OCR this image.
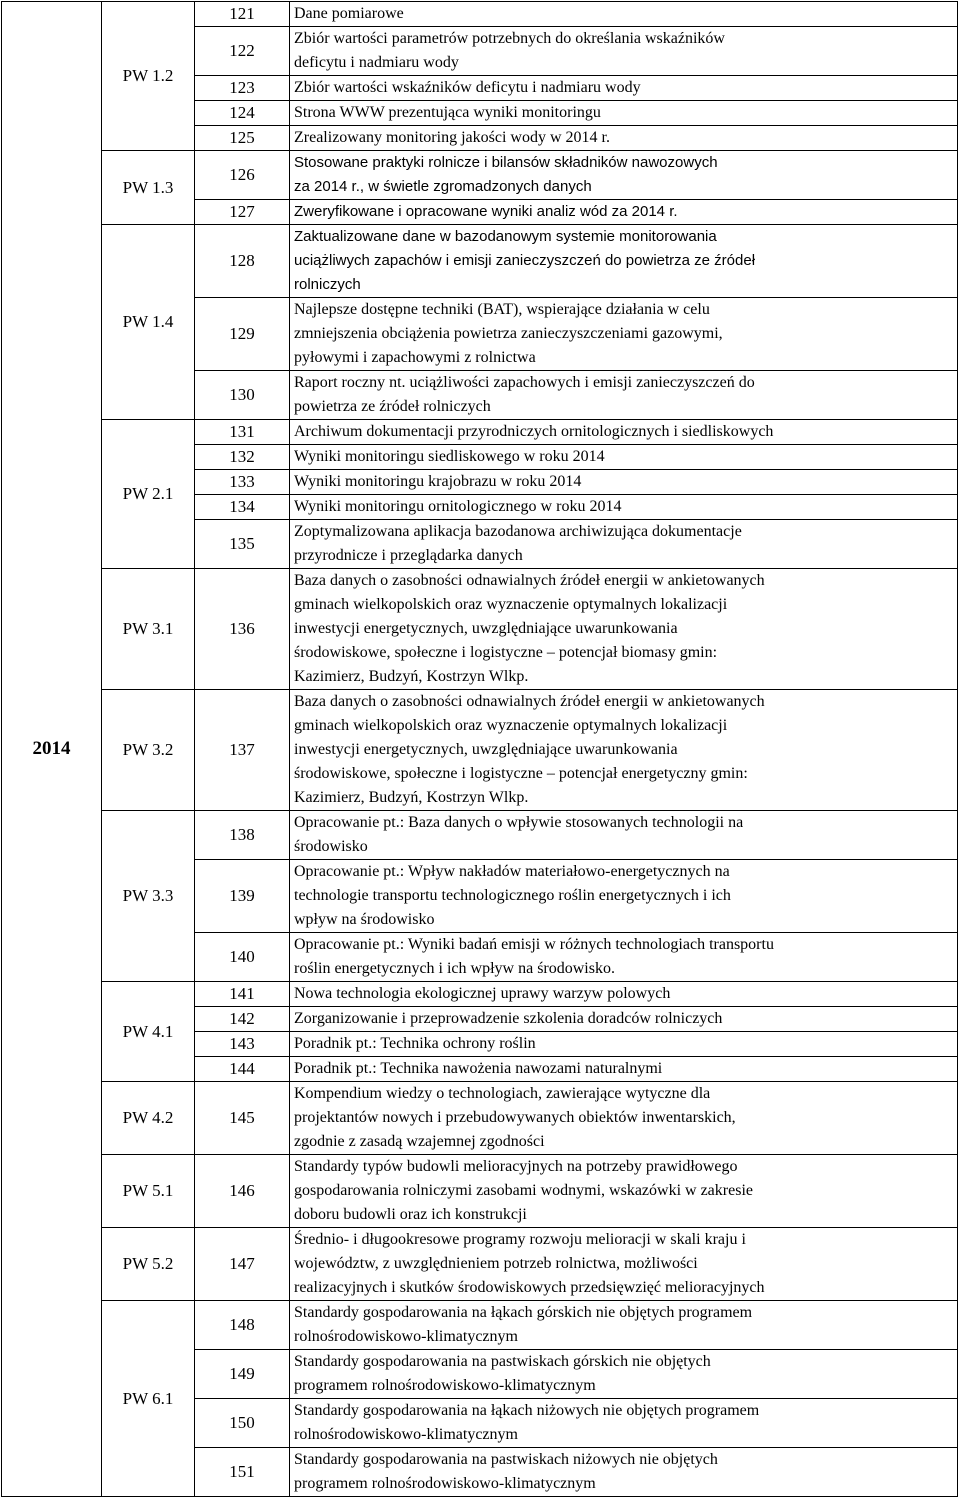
2014	PW 1.2	121	Dane pomiarowe

		122	Zbiór wartości parametrów potrzebnych do określania wskaźników
deficytu i nadmiaru wody

		123	Zbiór wartości wskaźników deficytu i nadmiaru wody

		124	Strona WWW prezentująca wyniki monitoringu

		125	Zrealizowany monitoring jakości wody w 2014 r.

	PW 1.3	126	Stosowane praktyki rolnicze i bilansów składników nawozowych
za 2014 r., w świetle zgromadzonych danych

		127	Zweryfikowane i opracowane wyniki analiz wód za 2014 r.

	PW 1.4	128	Zaktualizowane dane w bazodanowym systemie monitorowania
uciążliwych zapachów i emisji zanieczyszczeń do powietrza ze źródeł
rolniczych

		129	Najlepsze dostępne techniki (BAT), wspierające działania w celu
zmniejszenia obciążenia powietrza zanieczyszczeniami gazowymi,
pyłowymi i zapachowymi z rolnictwa

		130	Raport roczny nt. uciążliwości zapachowych i emisji zanieczyszczeń do
powietrza ze źródeł rolniczych

	PW 2.1	131	Archiwum dokumentacji przyrodniczych ornitologicznych i siedliskowych

		132	Wyniki monitoringu siedliskowego w roku 2014

		133	Wyniki monitoringu krajobrazu w roku 2014

		134	Wyniki monitoringu ornitologicznego w roku 2014

		135	Zoptymalizowana aplikacja bazodanowa archiwizująca dokumentacje
przyrodnicze i przeglądarka danych

	PW 3.1	136	Baza danych o zasobności odnawialnych źródeł energii w ankietowanych
gminach wielkopolskich oraz wyznaczenie optymalnych lokalizacji
inwestycji energetycznych, uwzględniające uwarunkowania
środowiskowe, społeczne i logistyczne – potencjał biomasy gmin:
Kazimierz, Budzyń, Kostrzyn Wlkp.

	PW 3.2	137	Baza danych o zasobności odnawialnych źródeł energii w ankietowanych
gminach wielkopolskich oraz wyznaczenie optymalnych lokalizacji
inwestycji energetycznych, uwzględniające uwarunkowania
środowiskowe, społeczne i logistyczne – potencjał energetyczny gmin:
Kazimierz, Budzyń, Kostrzyn Wlkp.

	PW 3.3	138	Opracowanie pt.: Baza danych o wpływie stosowanych technologii na
środowisko

		139	Opracowanie pt.: Wpływ nakładów materiałowo-energetycznych na
technologie transportu technologicznego roślin energetycznych i ich
wpływ na środowisko

		140	Opracowanie pt.: Wyniki badań emisji w różnych technologiach transportu
roślin energetycznych i ich wpływ na środowisko.

	PW 4.1	141	Nowa technologia ekologicznej uprawy warzyw polowych

		142	Zorganizowanie i przeprowadzenie szkolenia doradców rolniczych

		143	Poradnik pt.: Technika ochrony roślin

		144	Poradnik pt.: Technika nawożenia nawozami naturalnymi

	PW 4.2	145	Kompendium wiedzy o technologiach, zawierające wytyczne dla
projektantów nowych i przebudowywanych obiektów inwentarskich,
zgodnie z zasadą wzajemnej zgodności

	PW 5.1	146	Standardy typów budowli melioracyjnych na potrzeby prawidłowego
gospodarowania rolniczymi zasobami wodnymi, wskazówki w zakresie
doboru budowli oraz ich konstrukcji

	PW 5.2	147	Średnio- i długookresowe programy rozwoju melioracji w skali kraju i
województw, z uwzględnieniem potrzeb rolnictwa, możliwości
realizacyjnych i skutków środowiskowych przedsięwzięć melioracyjnych

	PW 6.1	148	Standardy gospodarowania na łąkach górskich nie objętych programem
rolnośrodowiskowo-klimatycznym

		149	Standardy gospodarowania na pastwiskach górskich nie objętych
programem rolnośrodowiskowo-klimatycznym

		150	Standardy gospodarowania na łąkach niżowych nie objętych programem
rolnośrodowiskowo-klimatycznym

		151	Standardy gospodarowania na pastwiskach niżowych nie objętych
programem rolnośrodowiskowo-klimatycznym
